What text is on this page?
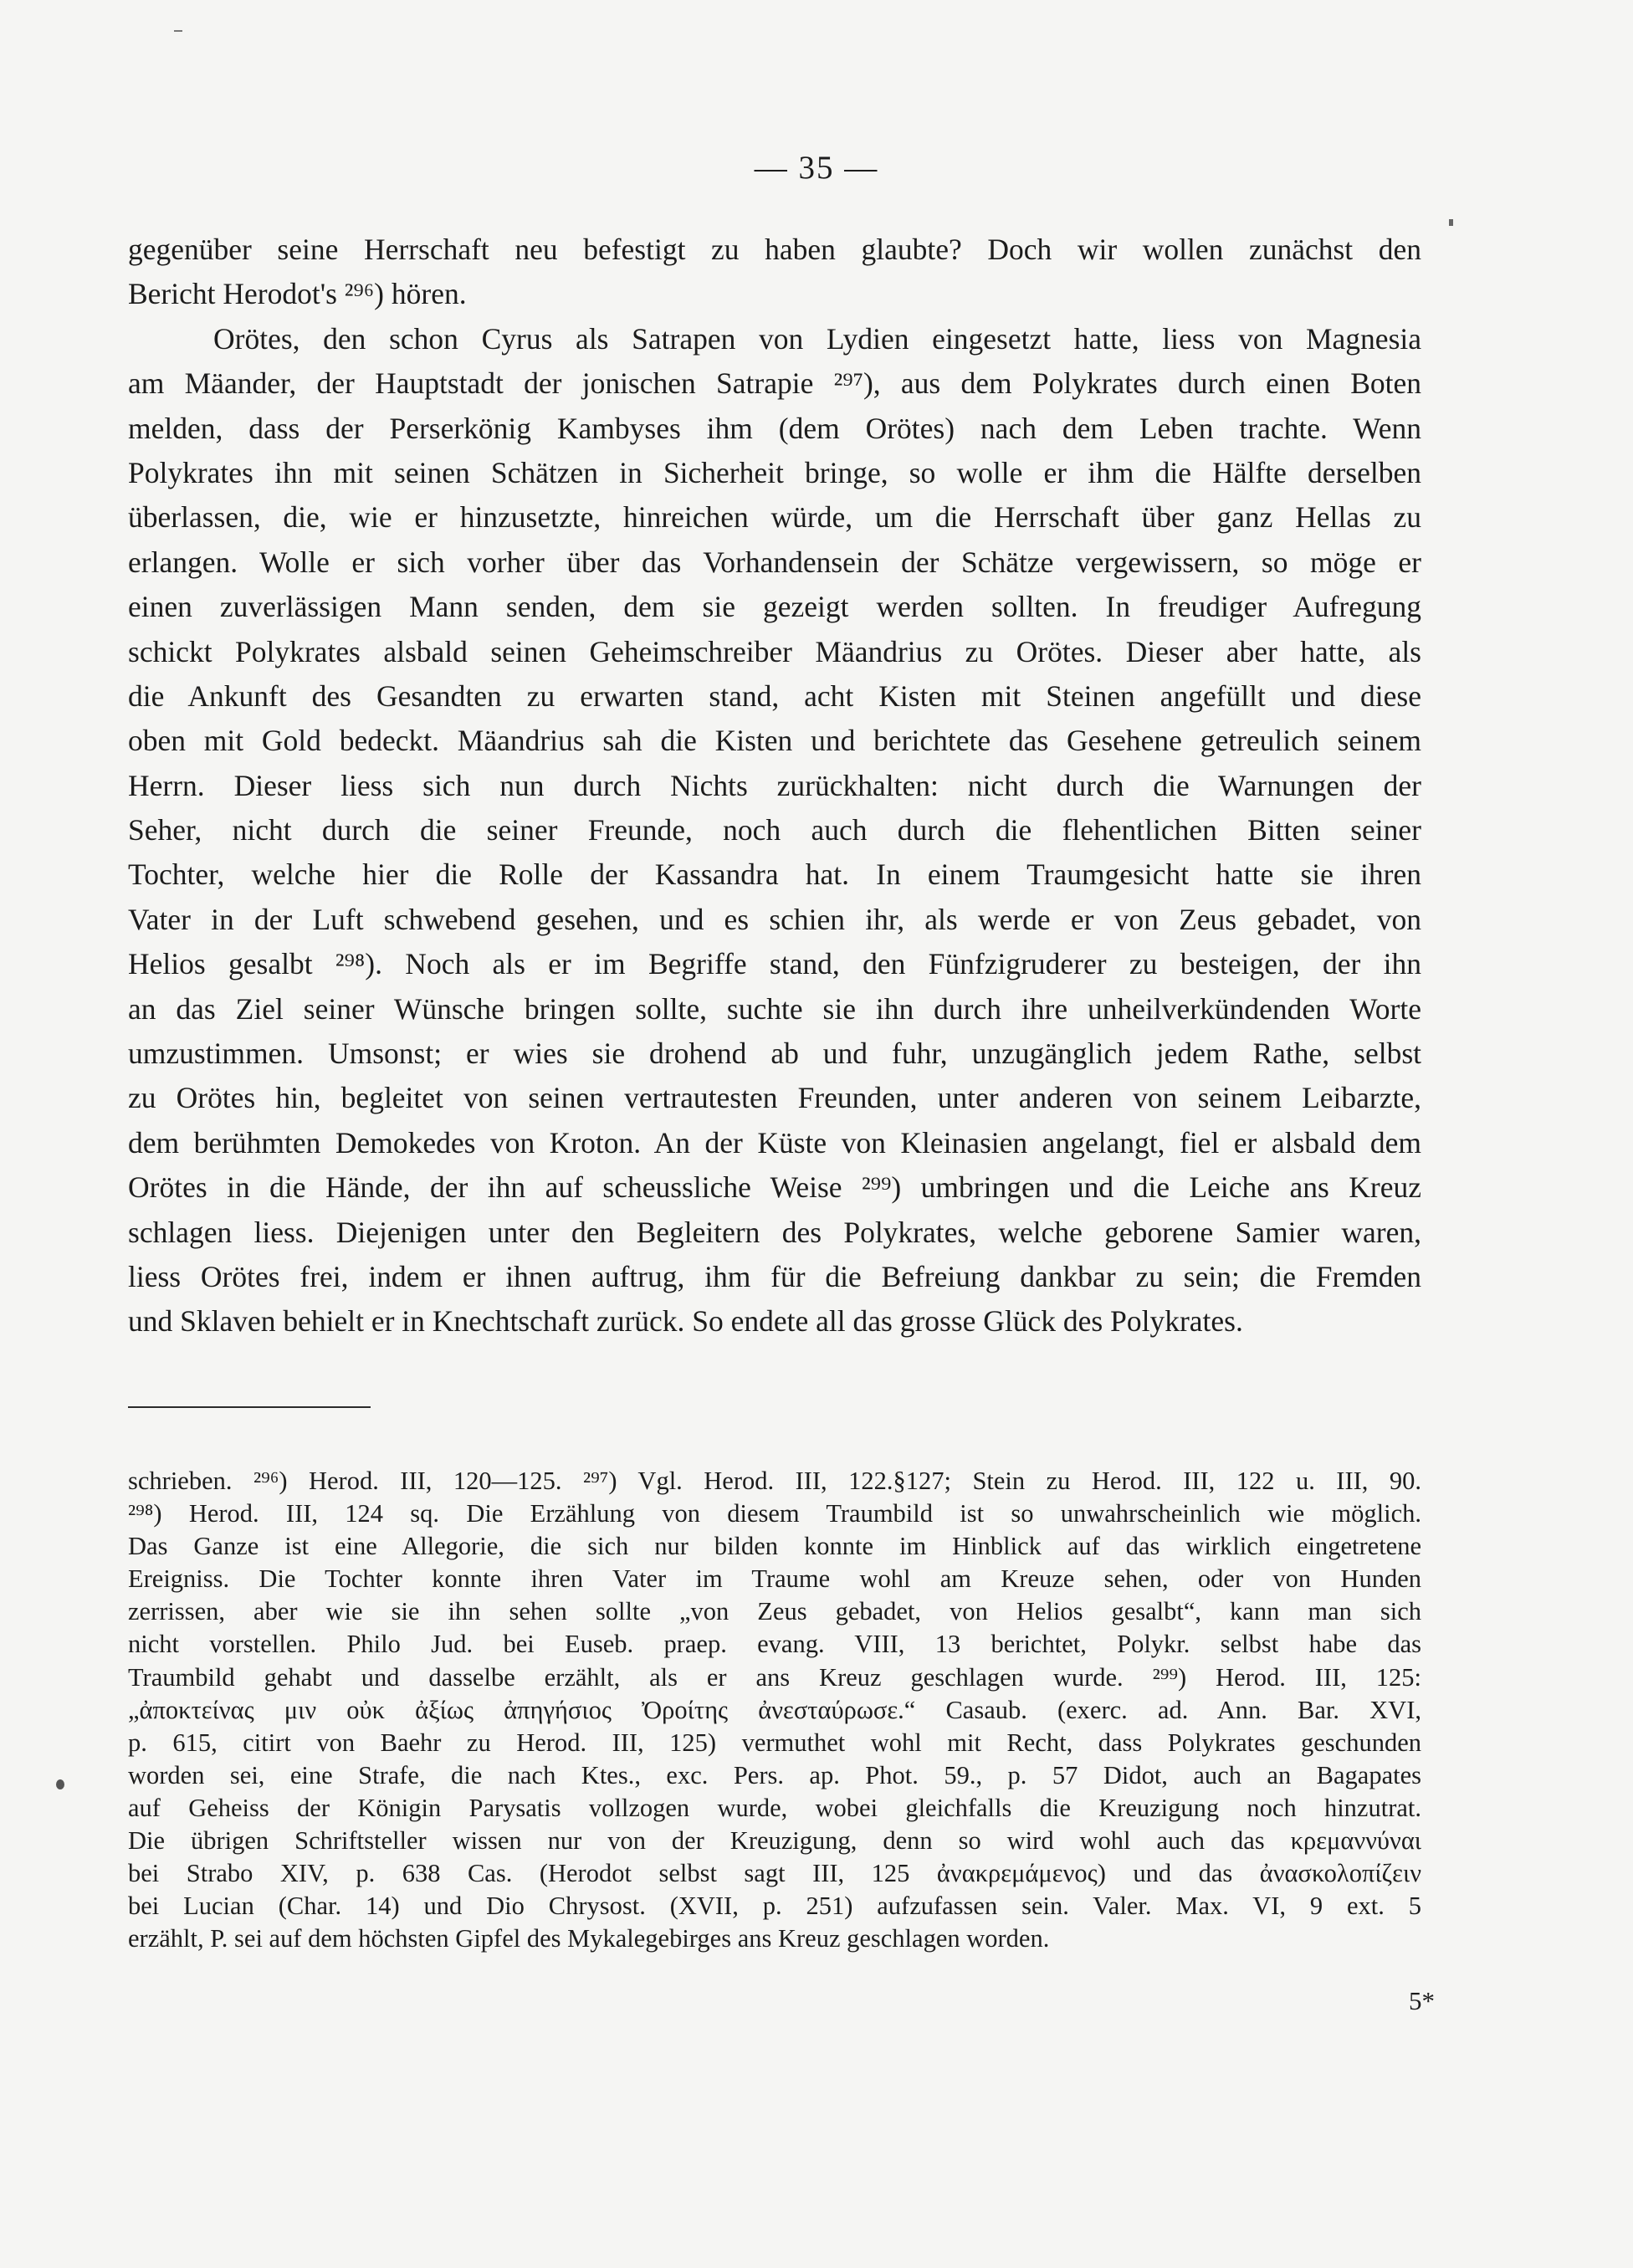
— 35 —
gegenüber seine Herrschaft neu befestigt zu haben glaubte? Doch wir wollen zunächst den
Bericht Herodot's ²⁹⁶) hören.
Orötes, den schon Cyrus als Satrapen von Lydien eingesetzt hatte, liess von Magnesia
am Mäander, der Hauptstadt der jonischen Satrapie ²⁹⁷), aus dem Polykrates durch einen Boten
melden, dass der Perserkönig Kambyses ihm (dem Orötes) nach dem Leben trachte. Wenn
Polykrates ihn mit seinen Schätzen in Sicherheit bringe, so wolle er ihm die Hälfte derselben
überlassen, die, wie er hinzusetzte, hinreichen würde, um die Herrschaft über ganz Hellas zu
erlangen. Wolle er sich vorher über das Vorhandensein der Schätze vergewissern, so möge er
einen zuverlässigen Mann senden, dem sie gezeigt werden sollten. In freudiger Aufregung
schickt Polykrates alsbald seinen Geheimschreiber Mäandrius zu Orötes. Dieser aber hatte, als
die Ankunft des Gesandten zu erwarten stand, acht Kisten mit Steinen angefüllt und diese
oben mit Gold bedeckt. Mäandrius sah die Kisten und berichtete das Gesehene getreulich seinem
Herrn. Dieser liess sich nun durch Nichts zurückhalten: nicht durch die Warnungen der
Seher, nicht durch die seiner Freunde, noch auch durch die flehentlichen Bitten seiner
Tochter, welche hier die Rolle der Kassandra hat. In einem Traumgesicht hatte sie ihren
Vater in der Luft schwebend gesehen, und es schien ihr, als werde er von Zeus gebadet, von
Helios gesalbt ²⁹⁸). Noch als er im Begriffe stand, den Fünfzigruderer zu besteigen, der ihn
an das Ziel seiner Wünsche bringen sollte, suchte sie ihn durch ihre unheilverkündenden Worte
umzustimmen. Umsonst; er wies sie drohend ab und fuhr, unzugänglich jedem Rathe, selbst
zu Orötes hin, begleitet von seinen vertrautesten Freunden, unter anderen von seinem Leibarzte,
dem berühmten Demokedes von Kroton. An der Küste von Kleinasien angelangt, fiel er alsbald dem
Orötes in die Hände, der ihn auf scheussliche Weise ²⁹⁹) umbringen und die Leiche ans Kreuz
schlagen liess. Diejenigen unter den Begleitern des Polykrates, welche geborene Samier waren,
liess Orötes frei, indem er ihnen auftrug, ihm für die Befreiung dankbar zu sein; die Fremden
und Sklaven behielt er in Knechtschaft zurück. So endete all das grosse Glück des Polykrates.
schrieben. ²⁹⁶) Herod. III, 120—125. ²⁹⁷) Vgl. Herod. III, 122.§127; Stein zu Herod. III, 122 u. III, 90.
²⁹⁸) Herod. III, 124 sq. Die Erzählung von diesem Traumbild ist so unwahrscheinlich wie möglich.
Das Ganze ist eine Allegorie, die sich nur bilden konnte im Hinblick auf das wirklich eingetretene
Ereigniss. Die Tochter konnte ihren Vater im Traume wohl am Kreuze sehen, oder von Hunden
zerrissen, aber wie sie ihn sehen sollte „von Zeus gebadet, von Helios gesalbt“, kann man sich
nicht vorstellen. Philo Jud. bei Euseb. praep. evang. VIII, 13 berichtet, Polykr. selbst habe das
Traumbild gehabt und dasselbe erzählt, als er ans Kreuz geschlagen wurde. ²⁹⁹) Herod. III, 125:
„ἀποκτείνας μιν οὐκ ἀξίως ἀπηγήσιος Ὀροίτης ἀνεσταύρωσε.“ Casaub. (exerc. ad. Ann. Bar. XVI,
p. 615, citirt von Baehr zu Herod. III, 125) vermuthet wohl mit Recht, dass Polykrates geschunden
worden sei, eine Strafe, die nach Ktes., exc. Pers. ap. Phot. 59., p. 57 Didot, auch an Bagapates
auf Geheiss der Königin Parysatis vollzogen wurde, wobei gleichfalls die Kreuzigung noch hinzutrat.
Die übrigen Schriftsteller wissen nur von der Kreuzigung, denn so wird wohl auch das κρεμαννύναι
bei Strabo XIV, p. 638 Cas. (Herodot selbst sagt III, 125 ἀνακρεμάμενος) und das ἀνασκολοπίζειν
bei Lucian (Char. 14) und Dio Chrysost. (XVII, p. 251) aufzufassen sein. Valer. Max. VI, 9 ext. 5
erzählt, P. sei auf dem höchsten Gipfel des Mykalegebirges ans Kreuz geschlagen worden.
5*
